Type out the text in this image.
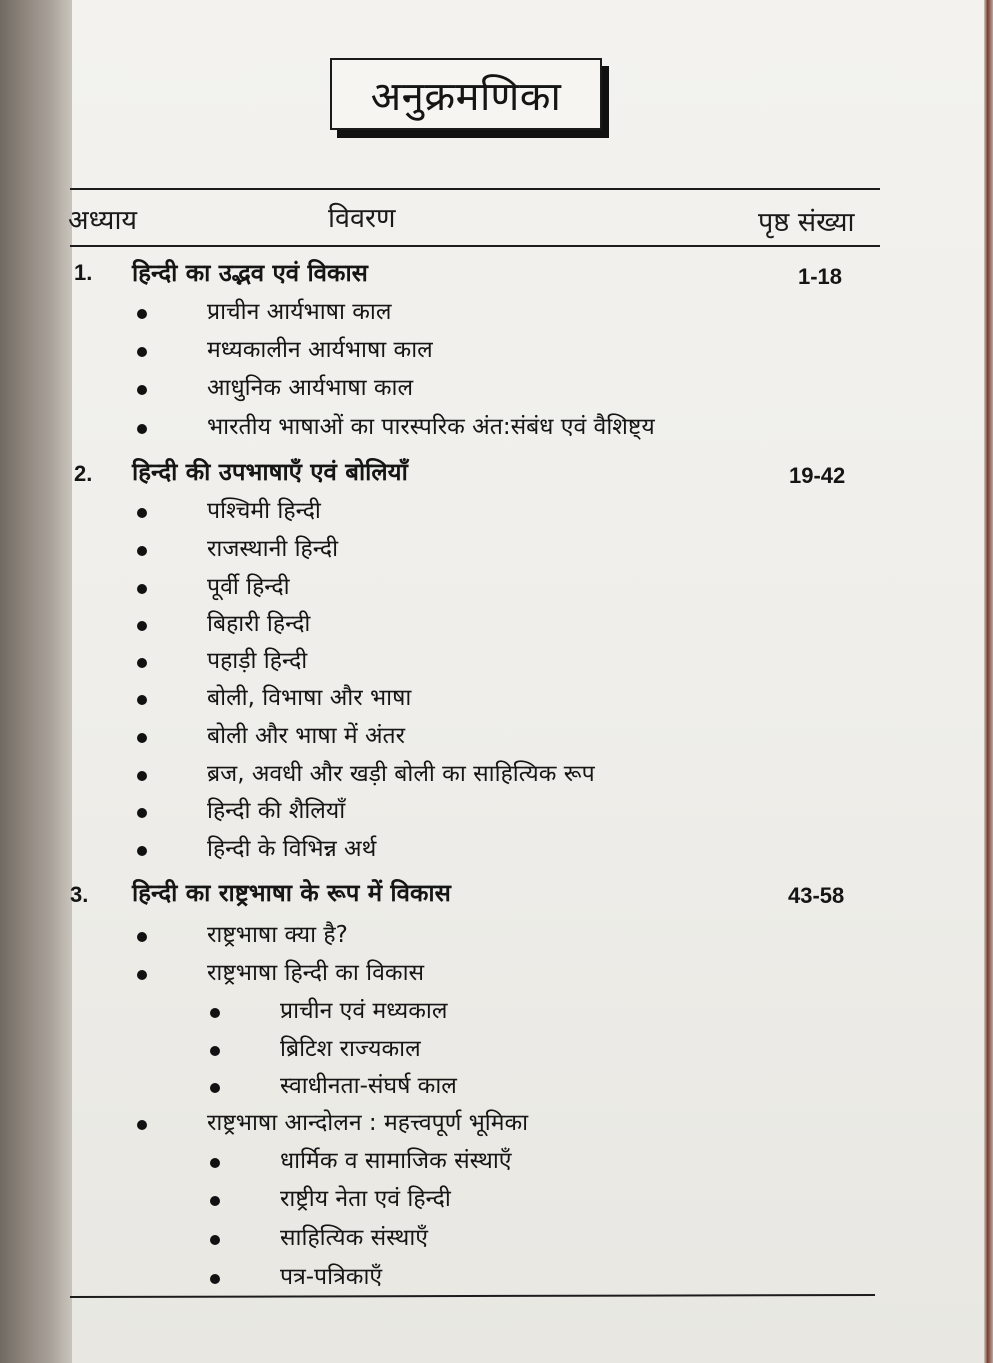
अनुक्रमणिका
अध्याय	विवरण	पृष्ठ संख्या
1. हिन्दी का उद्भव एवं विकास	1-18
प्राचीन आर्यभाषा काल
मध्यकालीन आर्यभाषा काल
आधुनिक आर्यभाषा काल
भारतीय भाषाओं का पारस्परिक अंत:संबंध एवं वैशिष्ट्य
2. हिन्दी की उपभाषाएँ एवं बोलियाँ	19-42
पश्चिमी हिन्दी
राजस्थानी हिन्दी
पूर्वी हिन्दी
बिहारी हिन्दी
पहाड़ी हिन्दी
बोली, विभाषा और भाषा
बोली और भाषा में अंतर
ब्रज, अवधी और खड़ी बोली का साहित्यिक रूप
हिन्दी की शैलियाँ
हिन्दी के विभिन्न अर्थ
3. हिन्दी का राष्ट्रभाषा के रूप में विकास	43-58
राष्ट्रभाषा क्या है?
राष्ट्रभाषा हिन्दी का विकास
प्राचीन एवं मध्यकाल
ब्रिटिश राज्यकाल
स्वाधीनता-संघर्ष काल
राष्ट्रभाषा आन्दोलन : महत्त्वपूर्ण भूमिका
धार्मिक व सामाजिक संस्थाएँ
राष्ट्रीय नेता एवं हिन्दी
साहित्यिक संस्थाएँ
पत्र-पत्रिकाएँ
